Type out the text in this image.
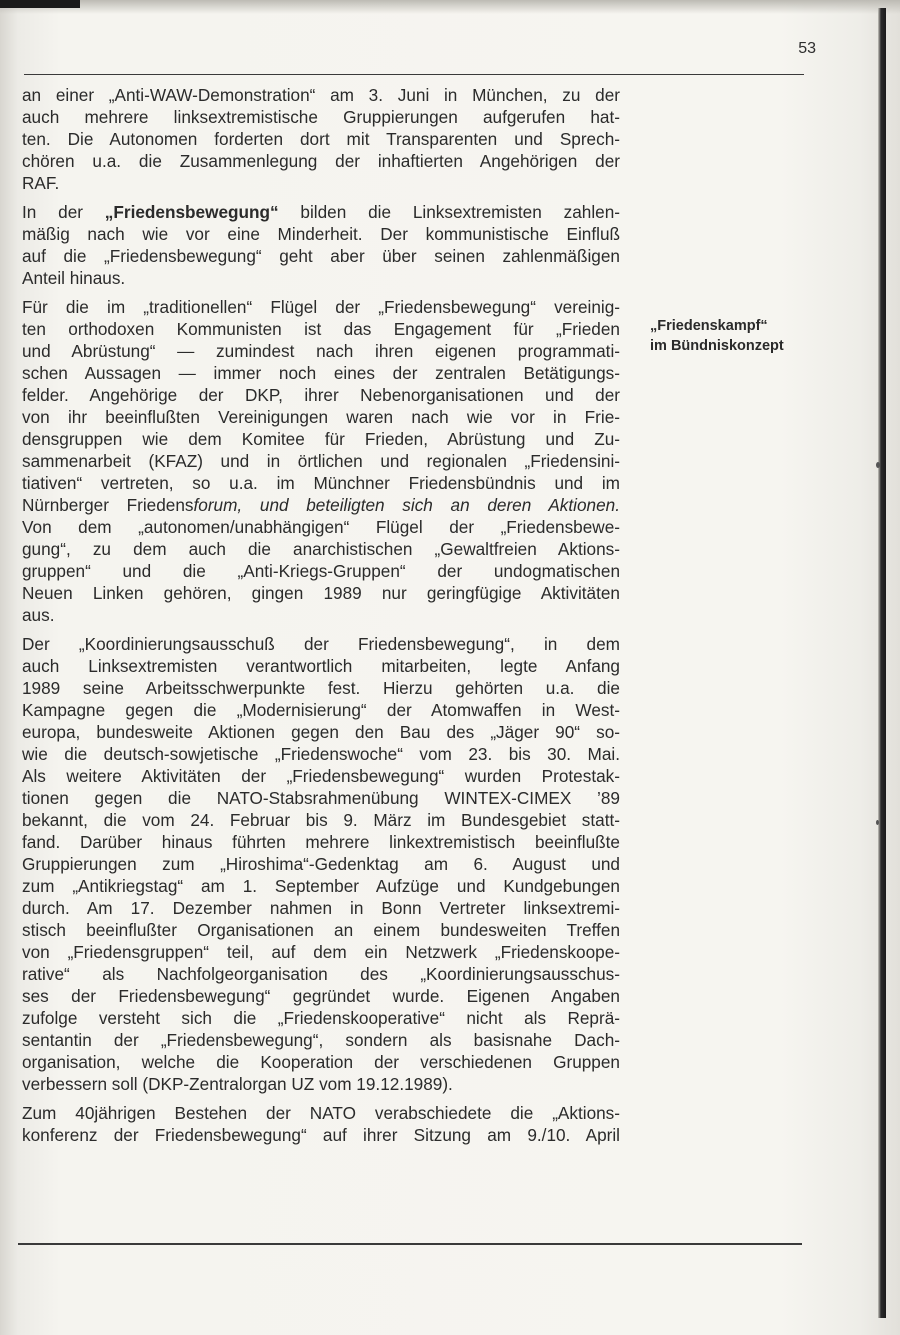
53
an einer „Anti-WAW-Demonstration“ am 3. Juni in München, zu der
auch mehrere linksextremistische Gruppierungen aufgerufen hat-
ten. Die Autonomen forderten dort mit Transparenten und Sprech-
chören u.a. die Zusammenlegung der inhaftierten Angehörigen der
RAF.
In der „Friedensbewegung“ bilden die Linksextremisten zahlen-
mäßig nach wie vor eine Minderheit. Der kommunistische Einfluß
auf die „Friedensbewegung“ geht aber über seinen zahlenmäßigen
Anteil hinaus.
Für die im „traditionellen“ Flügel der „Friedensbewegung“ vereinig-
ten orthodoxen Kommunisten ist das Engagement für „Frieden
und Abrüstung“ — zumindest nach ihren eigenen programmati-
schen Aussagen — immer noch eines der zentralen Betätigungs-
felder. Angehörige der DKP, ihrer Nebenorganisationen und der
von ihr beeinflußten Vereinigungen waren nach wie vor in Frie-
densgruppen wie dem Komitee für Frieden, Abrüstung und Zu-
sammenarbeit (KFAZ) und in örtlichen und regionalen „Friedensini-
tiativen“ vertreten, so u.a. im Münchner Friedensbündnis und im
Nürnberger Friedensforum, und beteiligten sich an deren Aktionen.
Von dem „autonomen/unabhängigen“ Flügel der „Friedensbewe-
gung“, zu dem auch die anarchistischen „Gewaltfreien Aktions-
gruppen“ und die „Anti-Kriegs-Gruppen“ der undogmatischen
Neuen Linken gehören, gingen 1989 nur geringfügige Aktivitäten
aus.
Der „Koordinierungsausschuß der Friedensbewegung“, in dem
auch Linksextremisten verantwortlich mitarbeiten, legte Anfang
1989 seine Arbeitsschwerpunkte fest. Hierzu gehörten u.a. die
Kampagne gegen die „Modernisierung“ der Atomwaffen in West-
europa, bundesweite Aktionen gegen den Bau des „Jäger 90“ so-
wie die deutsch-sowjetische „Friedenswoche“ vom 23. bis 30. Mai.
Als weitere Aktivitäten der „Friedensbewegung“ wurden Protestak-
tionen gegen die NATO-Stabsrahmenübung WINTEX-CIMEX ’89
bekannt, die vom 24. Februar bis 9. März im Bundesgebiet statt-
fand. Darüber hinaus führten mehrere linkextremistisch beeinflußte
Gruppierungen zum „Hiroshima“-Gedenktag am 6. August und
zum „Antikriegstag“ am 1. September Aufzüge und Kundgebungen
durch. Am 17. Dezember nahmen in Bonn Vertreter linksextremi-
stisch beeinflußter Organisationen an einem bundesweiten Treffen
von „Friedensgruppen“ teil, auf dem ein Netzwerk „Friedenskoope-
rative“ als Nachfolgeorganisation des „Koordinierungsausschus-
ses der Friedensbewegung“ gegründet wurde. Eigenen Angaben
zufolge versteht sich die „Friedenskooperative“ nicht als Reprä-
sentantin der „Friedensbewegung“, sondern als basisnahe Dach-
organisation, welche die Kooperation der verschiedenen Gruppen
verbessern soll (DKP-Zentralorgan UZ vom 19.12.1989).
Zum 40jährigen Bestehen der NATO verabschiedete die „Aktions-
konferenz der Friedensbewegung“ auf ihrer Sitzung am 9./10. April
„Friedenskampf“
im Bündniskonzept
